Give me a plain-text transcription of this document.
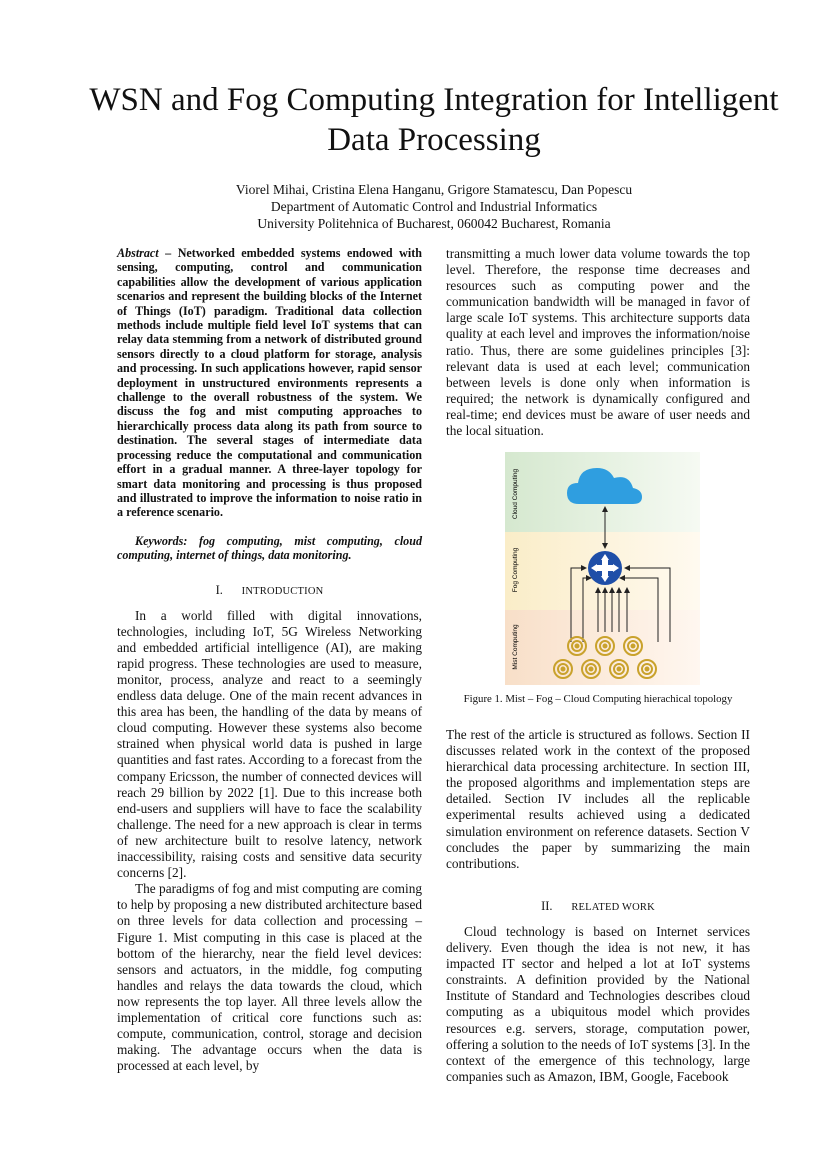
WSN and Fog Computing Integration for Intelligent Data Processing
Viorel Mihai, Cristina Elena Hanganu, Grigore Stamatescu, Dan Popescu
Department of Automatic Control and Industrial Informatics
University Politehnica of Bucharest, 060042 Bucharest, Romania

Abstract – Networked embedded systems endowed with sensing, computing, control and communication capabilities allow the development of various application scenarios and represent the building blocks of the Internet of Things (IoT) paradigm. Traditional data collection methods include multiple field level IoT systems that can relay data stemming from a network of distributed ground sensors directly to a cloud platform for storage, analysis and processing. In such applications however, rapid sensor deployment in unstructured environments represents a challenge to the overall robustness of the system. We discuss the fog and mist computing approaches to hierarchically process data along its path from source to destination. The several stages of intermediate data processing reduce the computational and communication effort in a gradual manner. A three-layer topology for smart data monitoring and processing is thus proposed and illustrated to improve the information to noise ratio in a reference scenario.

Keywords: fog computing, mist computing, cloud computing, internet of things, data monitoring.

I. INTRODUCTION

In a world filled with digital innovations, technologies, including IoT, 5G Wireless Networking and embedded artificial intelligence (AI), are making rapid progress. These technologies are used to measure, monitor, process, analyze and react to a seemingly endless data deluge. One of the main recent advances in this area has been, the handling of the data by means of cloud computing. However these systems also become strained when physical world data is pushed in large quantities and fast rates. According to a forecast from the company Ericsson, the number of connected devices will reach 29 billion by 2022 [1]. Due to this increase both end-users and suppliers will have to face the scalability challenge. The need for a new approach is clear in terms of new architecture built to resolve latency, network inaccessibility, raising costs and sensitive data security concerns [2].

The paradigms of fog and mist computing are coming to help by proposing a new distributed architecture based on three levels for data collection and processing – Figure 1. Mist computing in this case is placed at the bottom of the hierarchy, near the field level devices: sensors and actuators, in the middle, fog computing handles and relays the data towards the cloud, which now represents the top layer. All three levels allow the implementation of critical core functions such as: compute, communication, control, storage and decision making. The advantage occurs when the data is processed at each level, by

transmitting a much lower data volume towards the top level. Therefore, the response time decreases and resources such as computing power and the communication bandwidth will be managed in favor of large scale IoT systems. This architecture supports data quality at each level and improves the information/noise ratio. Thus, there are some guidelines principles [3]: relevant data is used at each level; communication between levels is done only when information is required; the network is dynamically configured and real-time; end devices must be aware of user needs and the local situation.

Cloud Computing
Fog Computing
Mist Computing
Figure 1. Mist – Fog – Cloud Computing hierachical topology

The rest of the article is structured as follows. Section II discusses related work in the context of the proposed hierarchical data processing architecture. In section III, the proposed algorithms and implementation steps are detailed. Section IV includes all the replicable experimental results achieved using a dedicated simulation environment on reference datasets. Section V concludes the paper by summarizing the main contributions.

II. RELATED WORK

Cloud technology is based on Internet services delivery. Even though the idea is not new, it has impacted IT sector and helped a lot at IoT systems constraints. A definition provided by the National Institute of Standard and Technologies describes cloud computing as a ubiquitous model which provides resources e.g. servers, storage, computation power, offering a solution to the needs of IoT systems [3]. In the context of the emergence of this technology, large companies such as Amazon, IBM, Google, Facebook
